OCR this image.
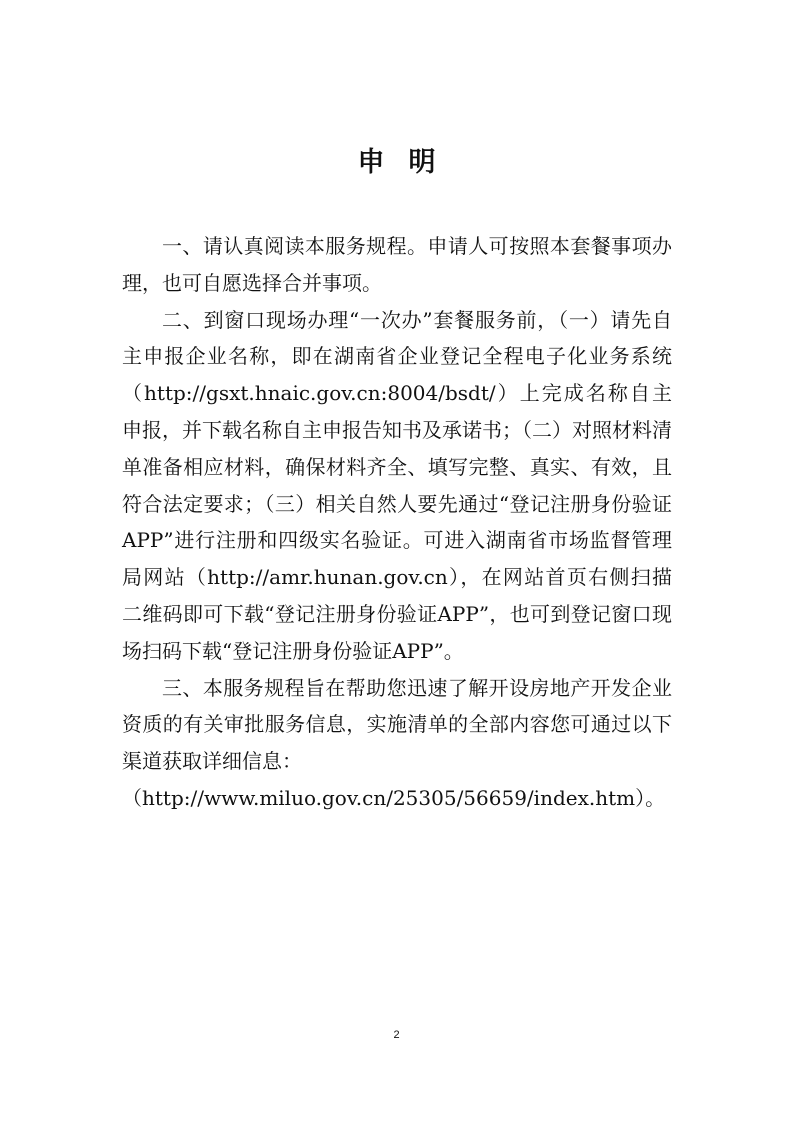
申明

一、请认真阅读本服务规程。申请人可按照本套餐事项办理，也可自愿选择合并事项。

二、到窗口现场办理“一次办”套餐服务前，（一）请先自主申报企业名称，即在湖南省企业登记全程电子化业务系统（http://gsxt.hnaic.gov.cn:8004/bsdt/）上完成名称自主申报，并下载名称自主申报告知书及承诺书；（二）对照材料清单准备相应材料，确保材料齐全、填写完整、真实、有效，且符合法定要求；（三）相关自然人要先通过“登记注册身份验证APP”进行注册和四级实名验证。可进入湖南省市场监督管理局网站（http://amr.hunan.gov.cn），在网站首页右侧扫描二维码即可下载“登记注册身份验证APP”，也可到登记窗口现场扫码下载“登记注册身份验证APP”。

三、本服务规程旨在帮助您迅速了解开设房地产开发企业资质的有关审批服务信息，实施清单的全部内容您可通过以下渠道获取详细信息：

（http://www.miluo.gov.cn/25305/56659/index.htm）。

2
